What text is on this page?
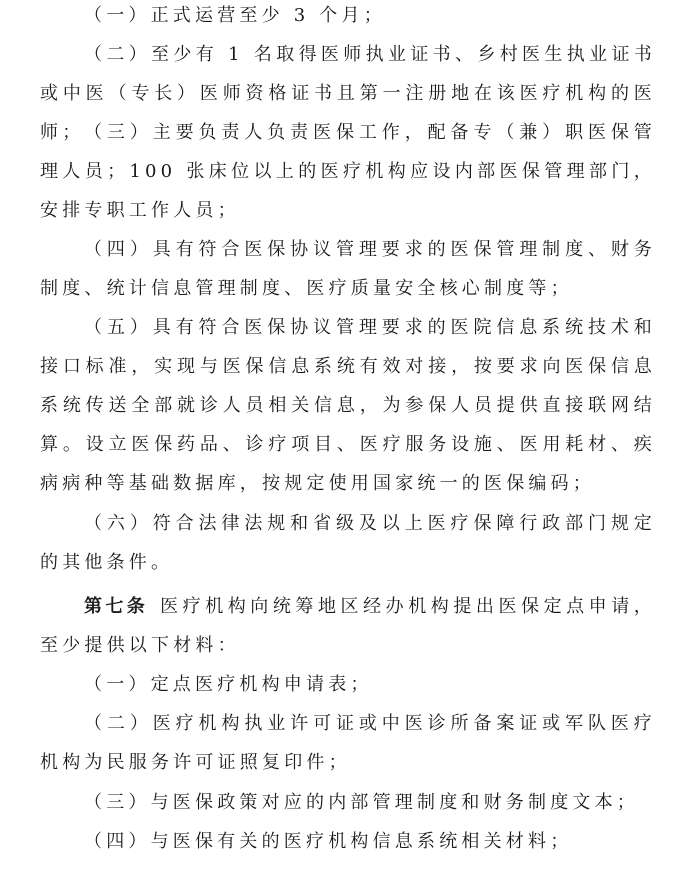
（一）正式运营至少 3 个月；

（二）至少有 1 名取得医师执业证书、乡村医生执业证书或中医（专长）医师资格证书且第一注册地在该医疗机构的医师； （三）主要负责人负责医保工作，配备专（兼）职医保管理人员；100 张床位以上的医疗机构应设内部医保管理部门，安排专职工作人员；

（四）具有符合医保协议管理要求的医保管理制度、财务制度、统计信息管理制度、医疗质量安全核心制度等；

（五）具有符合医保协议管理要求的医院信息系统技术和接口标准，实现与医保信息系统有效对接，按要求向医保信息系统传送全部就诊人员相关信息，为参保人员提供直接联网结算。设立医保药品、诊疗项目、医疗服务设施、医用耗材、疾病病种等基础数据库，按规定使用国家统一的医保编码；

（六）符合法律法规和省级及以上医疗保障行政部门规定的其他条件。

第七条 医疗机构向统筹地区经办机构提出医保定点申请，至少提供以下材料：

（一）定点医疗机构申请表；

（二）医疗机构执业许可证或中医诊所备案证或军队医疗机构为民服务许可证照复印件；

（三）与医保政策对应的内部管理制度和财务制度文本；

（四）与医保有关的医疗机构信息系统相关材料；
